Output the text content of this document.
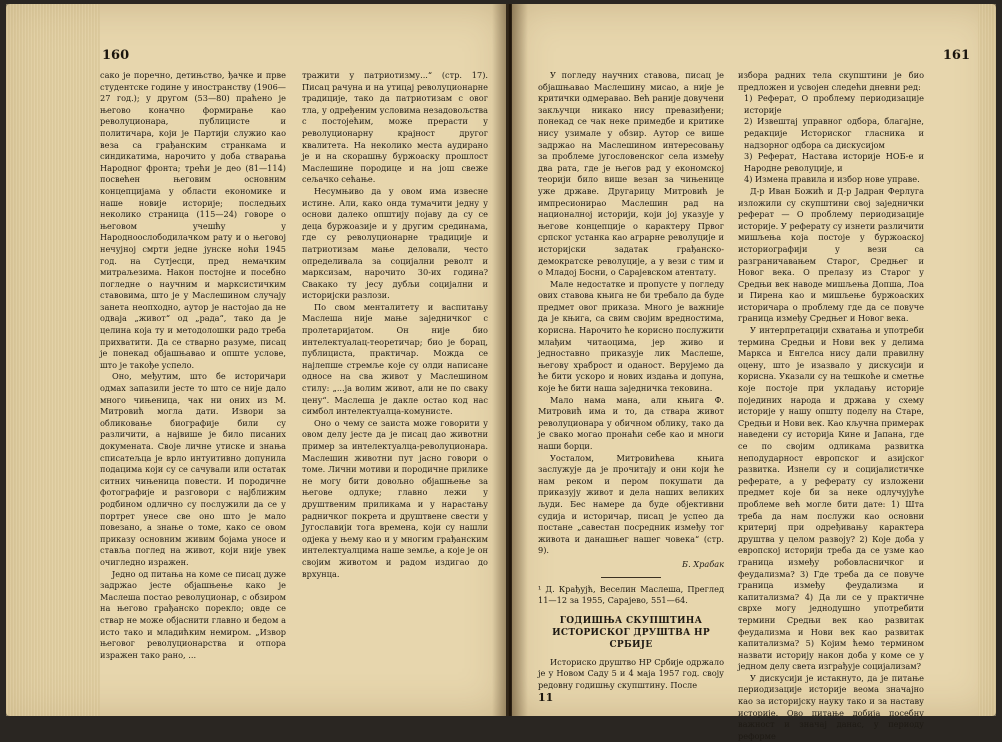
160

сако је поречно, детињство, ђачке и прве студентске године у иностранству (1906—27 год.); у другом (53—80) праћено је његово коначно формирање као револуционара, публицисте и политичара, који је Партији служио као веза са грађанским странкама и синдикатима, нарочито у доба стварања Народног фронта; трећи је део (81—114) посвећен његовим основним концепцијама у области економике и наше новије историје; последњих неколико страница (115—24) говоре о његовом учешћу у Народноослободилачком рату и о његовој нечујној смрти једне јунске ноћи 1945 год. на Сутјесци, пред немачким митраљезима. Након постојне и посебно погледне о научним и марксистичким ставовима, што је у Маслешином случају занета неопходно, аутор је настојао да не одваја „живот“ од „рада“, тако да је целина која ту и методолошки радо треба прихватити. Да се стварно разуме, писац је понекад објашњавао и опште услове, што је такође успело.

Оно, међутим, што бе историчари одмах запазили јесте то што се није дало много чињеница, чак ни оних из М. Митровић могла дати. Извори за обликовање биографије били су различити, а највише је било писаних докумената. Своје личне утиске и знања списатељца је врло интуитивно допунила подацима који су се сачували или остатак ситних чињеница повести. И породичне фотографије и разговори с најближим родбином одлично су послужили да се у портрет унесе све оно што је мало повезано, а знање о томе, како се овом приказу основним живим бојама уносе и ставља поглед на живот, који није увек очигледно изражен.

Једно од питања на коме се писац дуже задржао јесте објашњење како је Маслеша постао револуционар, с обзиром на његово грађанско порекло; овде се ствар не може објаснити главно и бедом а исто тако и младићким немиром. „Извор његовог револуционарства и отпора изражен тако рано, ...

тражити у патриотизму...“ (стр. 17). Писац рачуна и на утицај револуционарне традиције, тако да патриотизам с овог тла, у одређеним условима незадовољства с постојећим, може прерасти у револуционарну крајност другог квалитета. На неколико места аудирано је и на скорашњу буржоаску прошлост Маслешине породице и на још свеже сељачко сећање.

Несумњиво да у овом има извесне истине. Али, како онда тумачити једну у основи далеко општију појаву да су се деца буржоазије и у другим срединама, где су револуционарне традиције и патриотизам мање деловали, често определивала за социјални револт и марксизам, нарочито 30-их година? Свакако ту јесу дубљи социјални и историјски разлози.

По свом менталитету и васпитању Маслеша није мање заједничког с пролетаријатом. Он није био интелектуалац-теоретичар; био је борац, публициста, практичар. Можда се најлепше стремље које су олди написане односе на сва живот у Маслешином стилу: „...ја волим живот, али не по сваку цену“. Маслеша је дакле остао код нас симбол интелектуалца-комунисте.

Оно о чему се заиста може говорити у овом делу јесте да је писац дао животни пример за интелектуалца-револуционара. Маслешин животни пут јасно говори о томе. Лични мотиви и породичне прилике не могу бити довољно објашњење за његове одлуке; главно лежи у друштвеним приликама и у нарастању радничког покрета и друштвене свести у Југославији тога времена, који су нашли одјека у њему као и у многим грађанским интелектуалцима наше земље, а које је он својим животом и радом издигао до врхунца.

161

У погледу научних ставова, писац је објашњавао Маслешину мисао, а није је критички одмеравао. Већ раније довучени закључци никако нису превазиђени; понекад се чак неке примедбе и критике нису узимале у обзир. Аутор се више задржао на Маслешином интересовању за проблеме југословенског села између два рата, где је његов рад у економској теорији било више везан за чињенице уже државе. Другарицу Митровић је импресионирао Маслешин рад на националној историји, који јој указује у његове концепције о карактеру Првог српског устанка као аграрне револуције и историјски задатак грађанско-демократске револуције, а у вези с тим и о Младој Босни, о Сарајевском атентату.

Мале недостатке и пропусте у погледу ових ставова књига не би требало да буде предмет овог приказа. Много је важније да је књига, са свим својим вредностима, корисна. Нарочито ће корисно послужити млађим читаоцима, јер живо и једноставно приказује лик Маслеше, његову храброст и оданост. Верујемо да ће бити ускоро и нових издања и допуна, које ће бити наша заједничка тековина.

Мало нама мана, али књига Ф. Митровић има и то, да ствара живот револуционара у обичном облику, тако да је свако могао пронаћи себе као и многи наши борци.

Уосталом, Митровићева књига заслужује да је прочитају и они који ће нам реком и пером покушати да приказују живот и дела наших великих људи. Бес намере да буде објективни судија и историчар, писац је успео да постане „савестан посредник између тог живота и данашњег нашег човека“ (стр. 9).

Б. Храбак

¹ Д. Крађујћ, Веселин Маслеша, Преглед 11—12 за 1955, Сарајево, 551—64.

ГОДИШЊА СКУПШТИНА ИСТОРИСКОГ ДРУШТВА НР СРБИЈЕ

Историско друштво НР Србије одржало је у Новом Саду 5 и 4 маја 1957 год. своју редовну годишњу скупштину. После

избора радних тела скупштини је био предложен и усвојен следећи дневни ред:

1) Реферат, О проблему периодизације историје

2) Извештај управног одбора, благајне, редакције Историског гласника и надзорног одбора са дискусијом

3) Реферат, Настава историје НОБ-е и Народне револуције, и

4) Измена правила и избор нове управе.

Д-р Иван Божић и Д-р Јадран Ферлуга изложили су скупштини свој заједнички реферат — О проблему периодизације историје. У реферату су изнети различити мишљења која постоје у буржоаској историографији у вези са разграничавањем Старог, Средњег и Новог века. О прелазу из Старог у Средњи век наводе мишљења Допша, Лоа и Пирена као и мишљење буржоаских историчара о проблему где да се повуче граница између Средњег и Новог века.

У интерпретацији схватања и употреби термина Средњи и Нови век у делима Маркса и Енгелса нису дали правилну оцену, што је изазвало у дискусији и корисна. Указали су на тешкоће и сметње које постоје при укладању историје појединих народа и држава у схему историје у нашу општу поделу на Старе, Средњи и Нови век. Као кључна примерак наведени су историја Кине и Јапана, где се по својим одликама развитка неподударност европског и азијског развитка. Изнели су и социјалистичке реферате, а у реферату су изложени предмет које би за неке одлучујуће проблеме већ могле бити дате: 1) Шта треба да нам послужи као основни критериј при одређивању карактера друштва у целом развоју? 2) Које доба у европској историји треба да се узме као граница између робовласничког и феудализма? 3) Где треба да се повуче граница између феудализма и капитализма? 4) Да ли се у практичне сврхе могу једнодушно употребити термини Средњи век као развитак феудализма и Нови век као развитак капитализма? 5) Којим ћемо термином назвати историју након доба у коме се у једном делу света изграђује социјализам?

У дискусији је истакнуто, да је питање периодизације историје веома значајно као за историјску науку тако и за наставу историје. Ово питање добија посебну важност и значај данас, у периоду реформе

11
